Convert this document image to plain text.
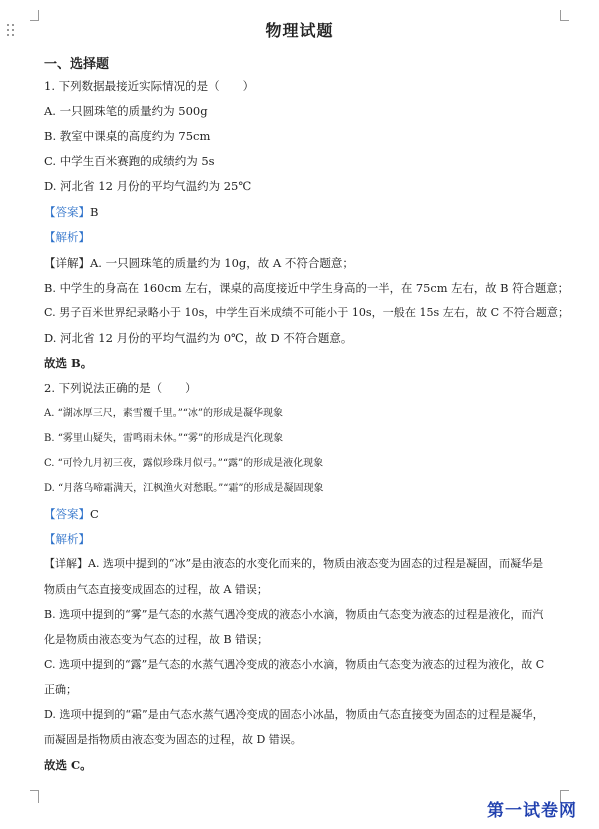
物理试题
一、选择题
1. 下列数据最接近实际情况的是（　　）
A. 一只圆珠笔的质量约为 500g
B. 教室中课桌的高度约为 75cm
C. 中学生百米赛跑的成绩约为 5s
D. 河北省 12 月份的平均气温约为 25℃
【答案】B
【解析】
【详解】A. 一只圆珠笔的质量约为 10g，故 A 不符合题意；
B. 中学生的身高在 160cm 左右，课桌的高度接近中学生身高的一半，在 75cm 左右，故 B 符合题意；
C. 男子百米世界纪录略小于 10s，中学生百米成绩不可能小于 10s，一般在 15s 左右，故 C 不符合题意；
D. 河北省 12 月份的平均气温约为 0℃，故 D 不符合题意。
故选 B。
2. 下列说法正确的是（　　）
A. “湖冰厚三尺，素雪覆千里。”“冰”的形成是凝华现象
B. “雾里山疑失，雷鸣雨未休。”“雾”的形成是汽化现象
C. “可怜九月初三夜，露似珍珠月似弓。”“露”的形成是液化现象
D. “月落乌啼霜满天，江枫渔火对愁眠。”“霜”的形成是凝固现象
【答案】C
【解析】
【详解】A. 选项中提到的“冰”是由液态的水变化而来的，物质由液态变为固态的过程是凝固，而凝华是
物质由气态直接变成固态的过程，故 A 错误；
B. 选项中提到的“雾”是气态的水蒸气遇冷变成的液态小水滴，物质由气态变为液态的过程是液化，而汽
化是物质由液态变为气态的过程，故 B 错误；
C. 选项中提到的“露”是气态的水蒸气遇冷变成的液态小水滴，物质由气态变为液态的过程为液化，故 C
正确；
D. 选项中提到的“霜”是由气态水蒸气遇冷变成的固态小冰晶，物质由气态直接变为固态的过程是凝华，
而凝固是指物质由液态变为固态的过程，故 D 错误。
故选 C。
第一试卷网
